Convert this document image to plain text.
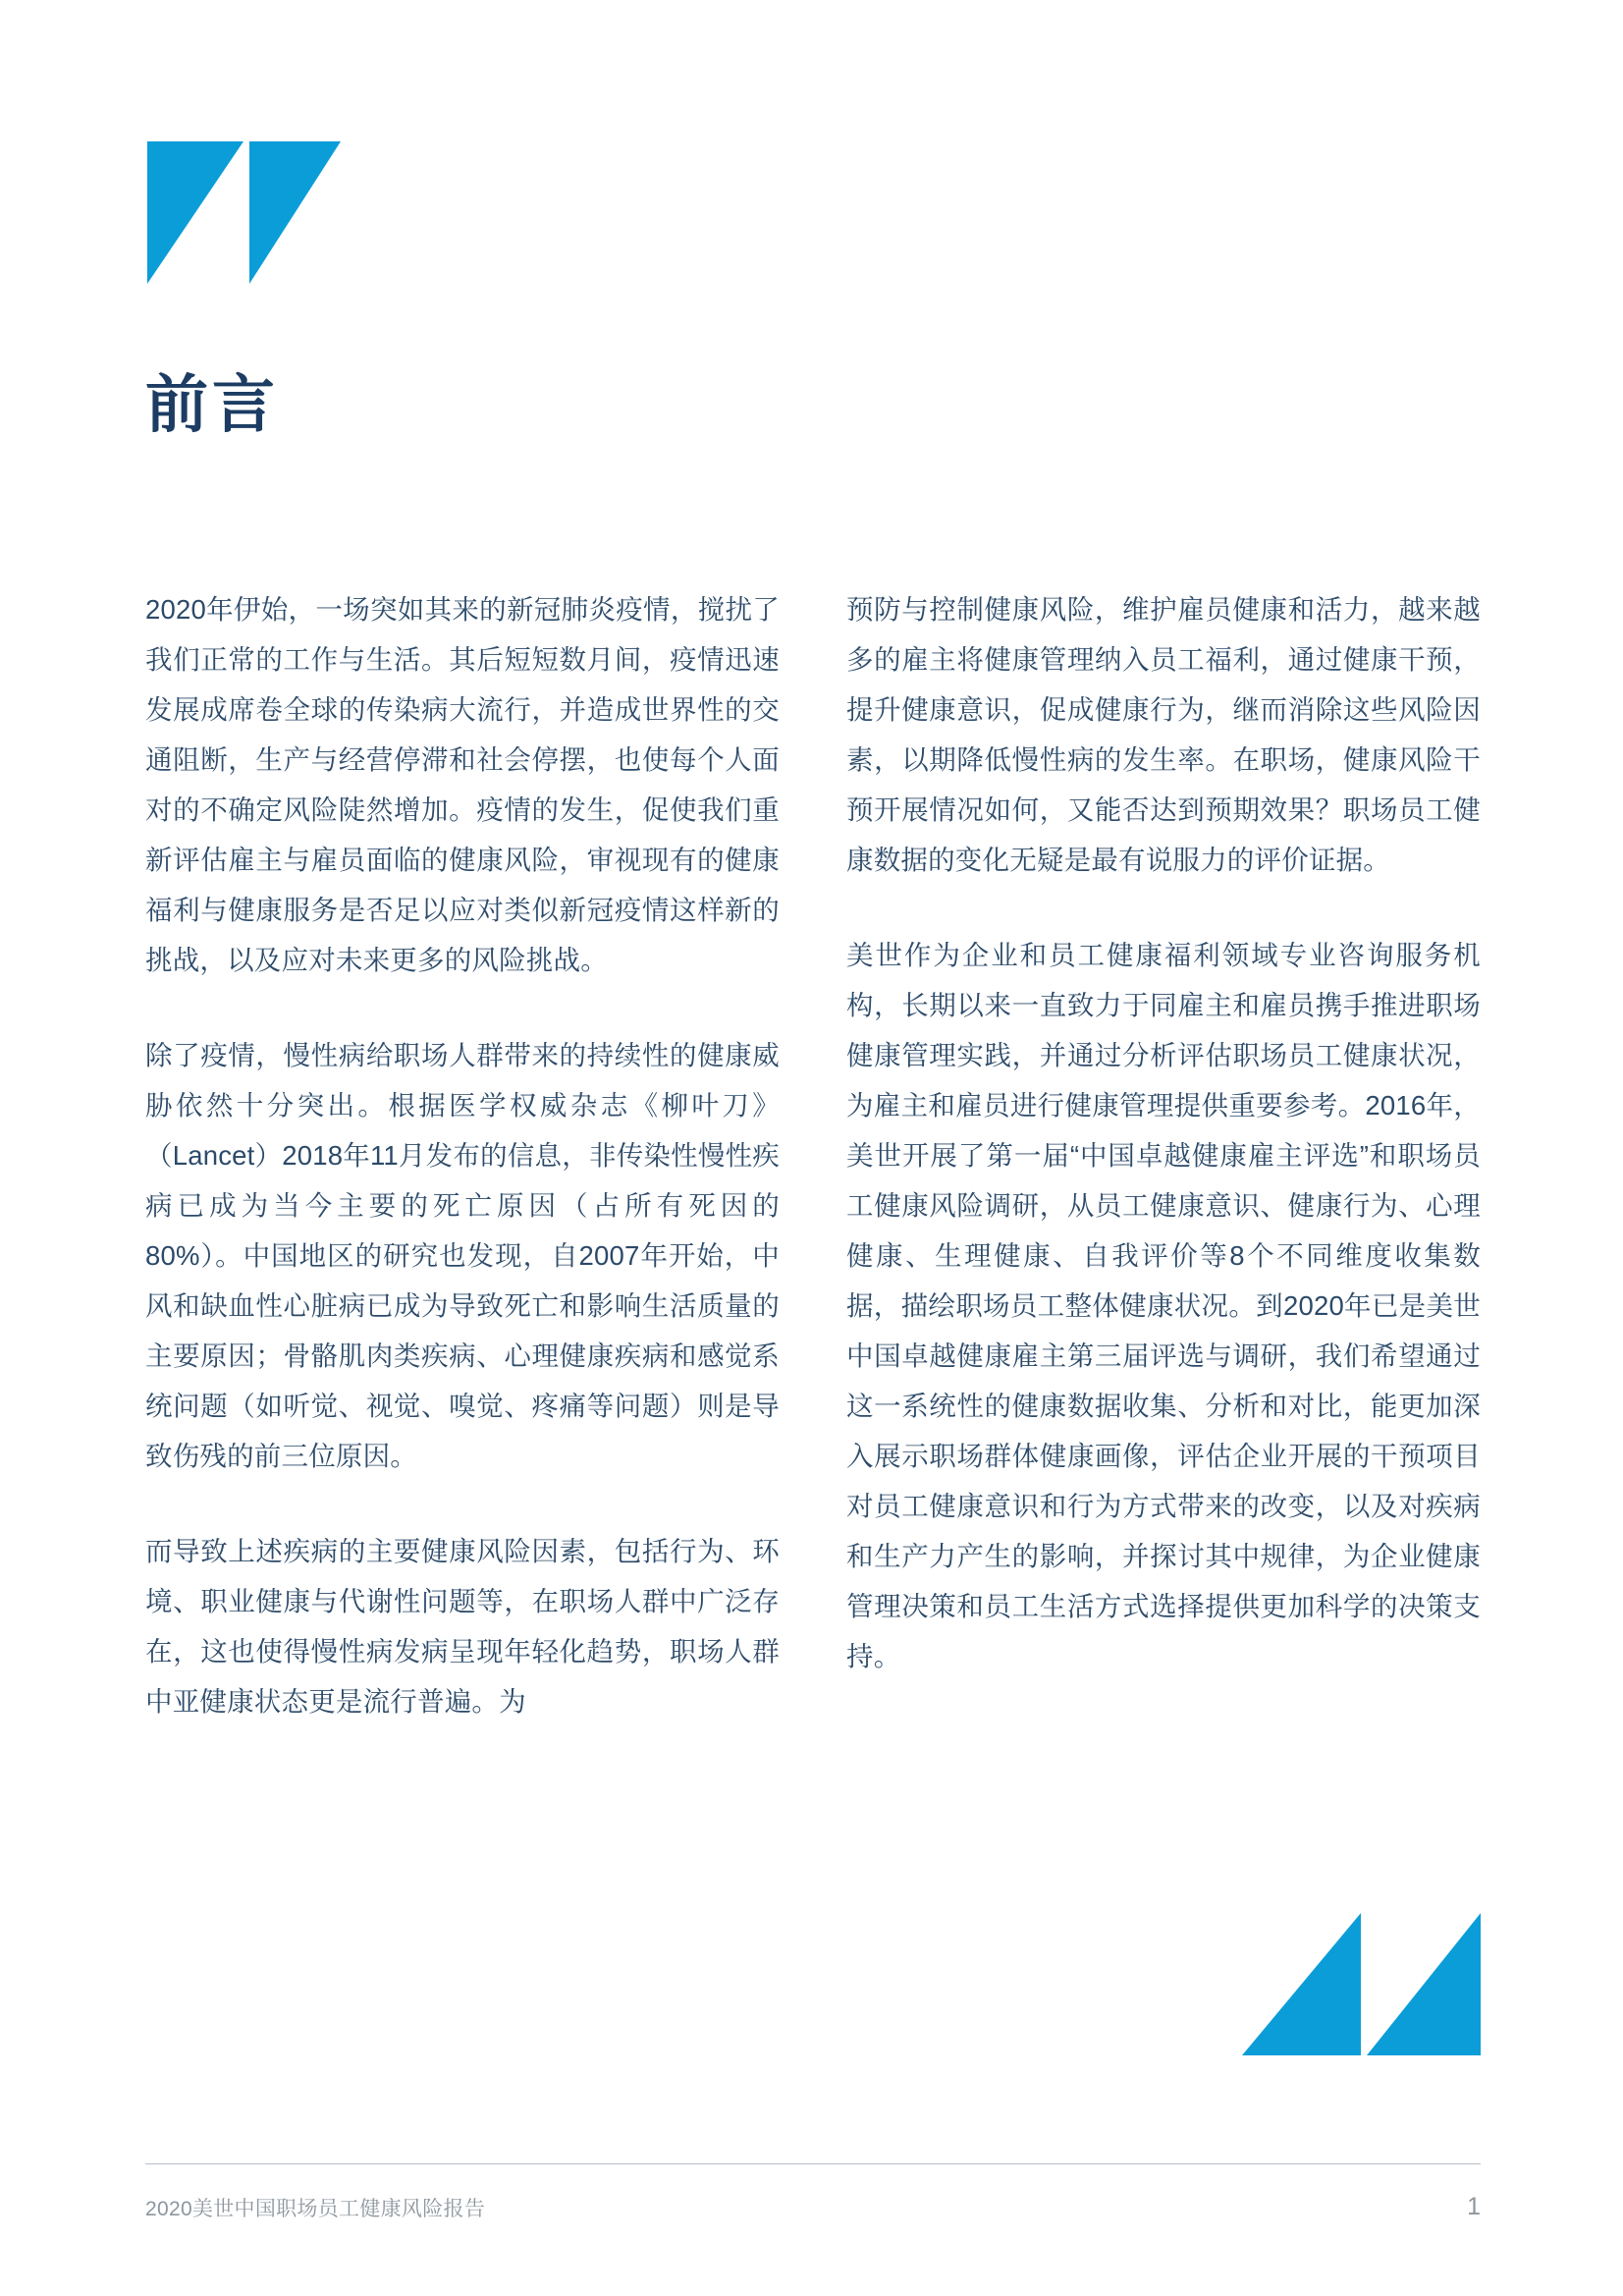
前言

2020年伊始，一场突如其来的新冠肺炎疫情，搅扰了我们正常的工作与生活。其后短短数月间，疫情迅速发展成席卷全球的传染病大流行，并造成世界性的交通阻断，生产与经营停滞和社会停摆，也使每个人面对的不确定风险陡然增加。疫情的发生，促使我们重新评估雇主与雇员面临的健康风险，审视现有的健康福利与健康服务是否足以应对类似新冠疫情这样新的挑战，以及应对未来更多的风险挑战。

除了疫情，慢性病给职场人群带来的持续性的健康威胁依然十分突出。根据医学权威杂志《柳叶刀》（Lancet）2018年11月发布的信息，非传染性慢性疾病已成为当今主要的死亡原因（占所有死因的80%）。中国地区的研究也发现，自2007年开始，中风和缺血性心脏病已成为导致死亡和影响生活质量的主要原因；骨骼肌肉类疾病、心理健康疾病和感觉系统问题（如听觉、视觉、嗅觉、疼痛等问题）则是导致伤残的前三位原因。

而导致上述疾病的主要健康风险因素，包括行为、环境、职业健康与代谢性问题等，在职场人群中广泛存在，这也使得慢性病发病呈现年轻化趋势，职场人群中亚健康状态更是流行普遍。为

预防与控制健康风险，维护雇员健康和活力，越来越多的雇主将健康管理纳入员工福利，通过健康干预，提升健康意识，促成健康行为，继而消除这些风险因素，以期降低慢性病的发生率。在职场，健康风险干预开展情况如何，又能否达到预期效果？职场员工健康数据的变化无疑是最有说服力的评价证据。

美世作为企业和员工健康福利领域专业咨询服务机构，长期以来一直致力于同雇主和雇员携手推进职场健康管理实践，并通过分析评估职场员工健康状况，为雇主和雇员进行健康管理提供重要参考。2016年，美世开展了第一届“中国卓越健康雇主评选”和职场员工健康风险调研，从员工健康意识、健康行为、心理健康、生理健康、自我评价等8个不同维度收集数据，描绘职场员工整体健康状况。到2020年已是美世中国卓越健康雇主第三届评选与调研，我们希望通过这一系统性的健康数据收集、分析和对比，能更加深入展示职场群体健康画像，评估企业开展的干预项目对员工健康意识和行为方式带来的改变，以及对疾病和生产力产生的影响，并探讨其中规律，为企业健康管理决策和员工生活方式选择提供更加科学的决策支持。

2020美世中国职场员工健康风险报告	1
